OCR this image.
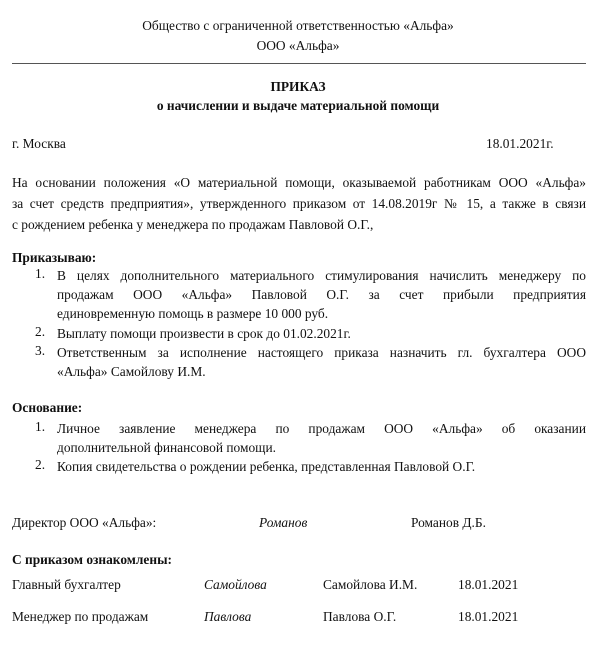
Общество с ограниченной ответственностью «Альфа»
ООО «Альфа»
ПРИКАЗ
о начислении и выдаче материальной помощи
г. Москва	18.01.2021г.
На основании положения «О материальной помощи, оказываемой работникам ООО «Альфа»
за счет средств предприятия», утвержденного приказом от 14.08.2019г № 15, а также в связи
с рождением ребенка у менеджера по продажам Павловой О.Г.,
Приказываю:
1. В целях дополнительного материального стимулирования начислить менеджеру по
продажам ООО «Альфа» Павловой О.Г. за счет прибыли предприятия
единовременную помощь в размере 10 000 руб.
2. Выплату помощи произвести в срок до 01.02.2021г.
3. Ответственным за исполнение настоящего приказа назначить гл. бухгалтера ООО
«Альфа» Самойлову И.М.
Основание:
1. Личное заявление менеджера по продажам ООО «Альфа» об оказании
дополнительной финансовой помощи.
2. Копия свидетельства о рождении ребенка, представленная Павловой О.Г.
Директор ООО «Альфа»:	Романов	Романов Д.Б.
С приказом ознакомлены:
Главный бухгалтер	Самойлова	Самойлова И.М.	18.01.2021
Менеджер по продажам	Павлова	Павлова О.Г.	18.01.2021
